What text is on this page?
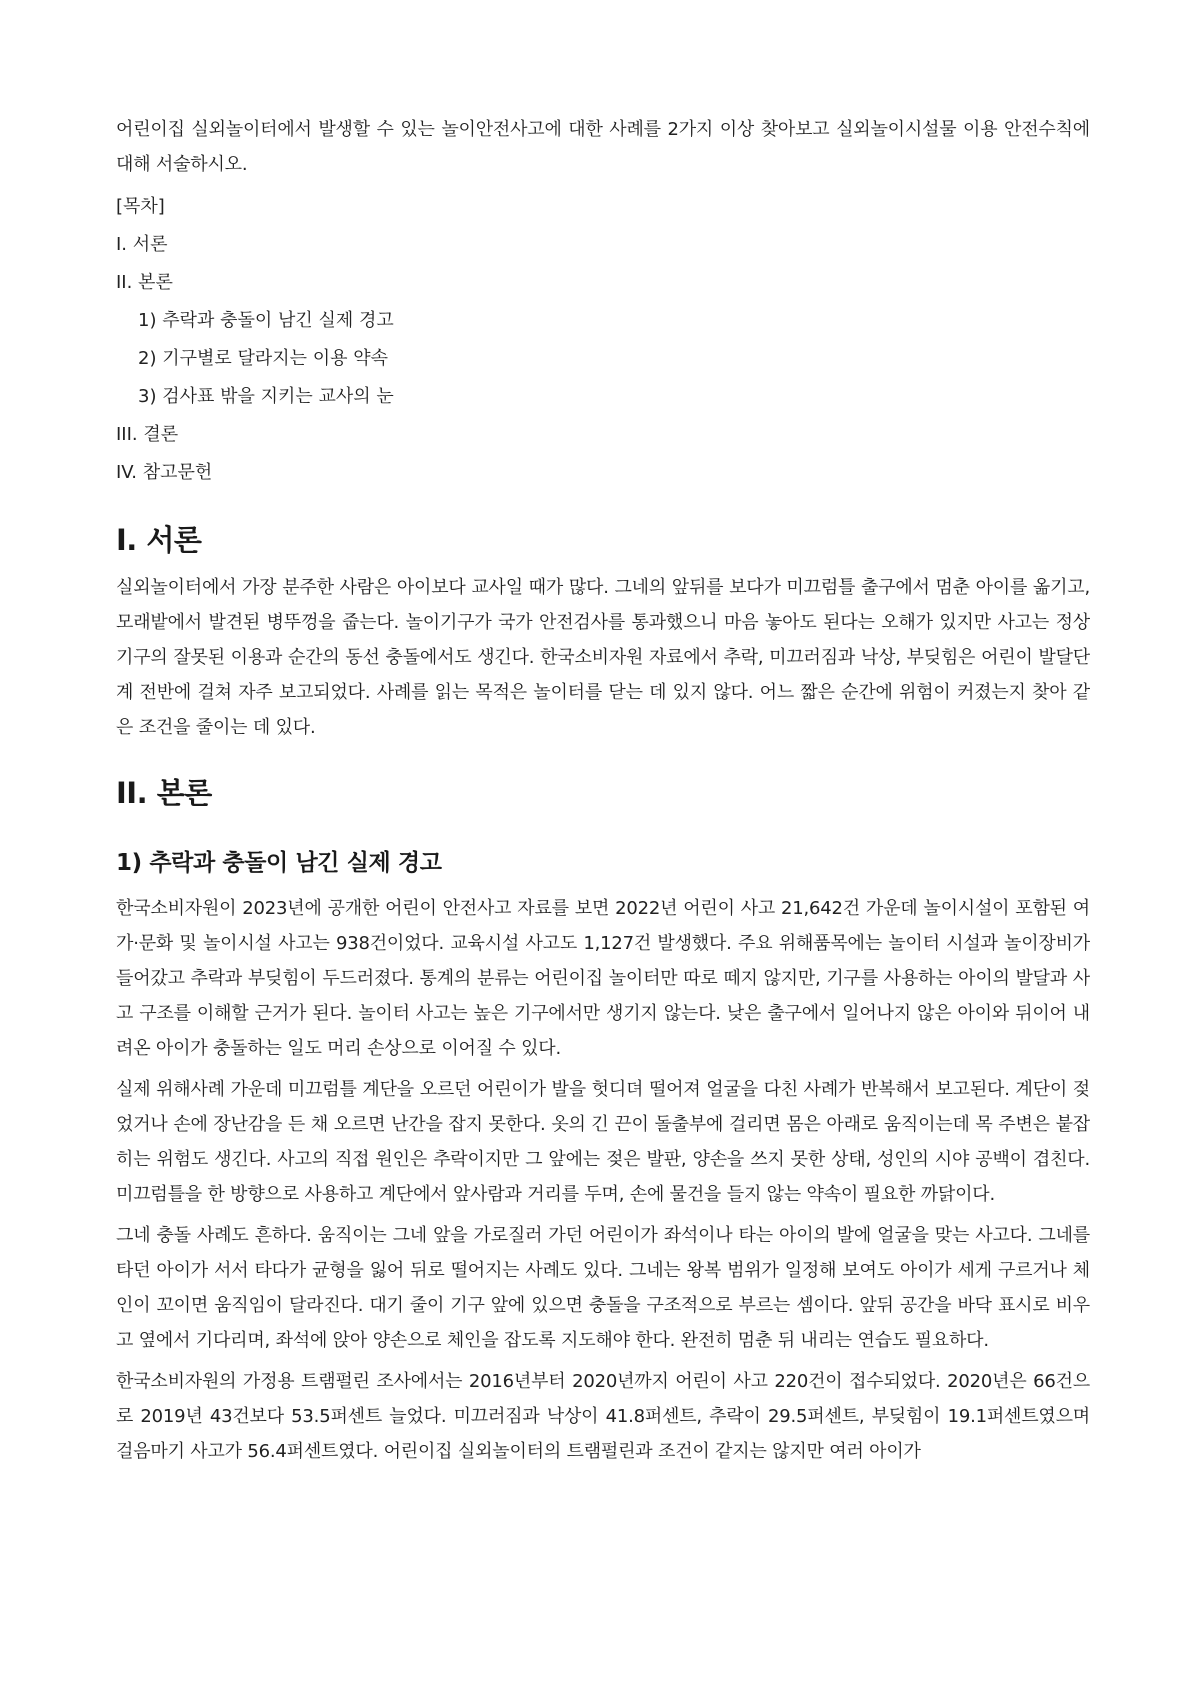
어린이집 실외놀이터에서 발생할 수 있는 놀이안전사고에 대한 사례를 2가지 이상 찾아보고 실외놀이시설물 이용 안전수칙에 대해 서술하시오.

[목차]
I. 서론
II. 본론
1) 추락과 충돌이 남긴 실제 경고
2) 기구별로 달라지는 이용 약속
3) 검사표 밖을 지키는 교사의 눈
III. 결론
IV. 참고문헌
I. 서론

실외놀이터에서 가장 분주한 사람은 아이보다 교사일 때가 많다. 그네의 앞뒤를 보다가 미끄럼틀 출구에서 멈춘 아이를 옮기고, 모래밭에서 발견된 병뚜껑을 줍는다. 놀이기구가 국가 안전검사를 통과했으니 마음 놓아도 된다는 오해가 있지만 사고는 정상 기구의 잘못된 이용과 순간의 동선 충돌에서도 생긴다. 한국소비자원 자료에서 추락, 미끄러짐과 낙상, 부딪힘은 어린이 발달단계 전반에 걸쳐 자주 보고되었다. 사례를 읽는 목적은 놀이터를 닫는 데 있지 않다. 어느 짧은 순간에 위험이 커졌는지 찾아 같은 조건을 줄이는 데 있다.

II. 본론
1) 추락과 충돌이 남긴 실제 경고

한국소비자원이 2023년에 공개한 어린이 안전사고 자료를 보면 2022년 어린이 사고 21,642건 가운데 놀이시설이 포함된 여가·문화 및 놀이시설 사고는 938건이었다. 교육시설 사고도 1,127건 발생했다. 주요 위해품목에는 놀이터 시설과 놀이장비가 들어갔고 추락과 부딪힘이 두드러졌다. 통계의 분류는 어린이집 놀이터만 따로 떼지 않지만, 기구를 사용하는 아이의 발달과 사고 구조를 이해할 근거가 된다. 놀이터 사고는 높은 기구에서만 생기지 않는다. 낮은 출구에서 일어나지 않은 아이와 뒤이어 내려온 아이가 충돌하는 일도 머리 손상으로 이어질 수 있다.

실제 위해사례 가운데 미끄럼틀 계단을 오르던 어린이가 발을 헛디뎌 떨어져 얼굴을 다친 사례가 반복해서 보고된다. 계단이 젖었거나 손에 장난감을 든 채 오르면 난간을 잡지 못한다. 옷의 긴 끈이 돌출부에 걸리면 몸은 아래로 움직이는데 목 주변은 붙잡히는 위험도 생긴다. 사고의 직접 원인은 추락이지만 그 앞에는 젖은 발판, 양손을 쓰지 못한 상태, 성인의 시야 공백이 겹친다. 미끄럼틀을 한 방향으로 사용하고 계단에서 앞사람과 거리를 두며, 손에 물건을 들지 않는 약속이 필요한 까닭이다.

그네 충돌 사례도 흔하다. 움직이는 그네 앞을 가로질러 가던 어린이가 좌석이나 타는 아이의 발에 얼굴을 맞는 사고다. 그네를 타던 아이가 서서 타다가 균형을 잃어 뒤로 떨어지는 사례도 있다. 그네는 왕복 범위가 일정해 보여도 아이가 세게 구르거나 체인이 꼬이면 움직임이 달라진다. 대기 줄이 기구 앞에 있으면 충돌을 구조적으로 부르는 셈이다. 앞뒤 공간을 바닥 표시로 비우고 옆에서 기다리며, 좌석에 앉아 양손으로 체인을 잡도록 지도해야 한다. 완전히 멈춘 뒤 내리는 연습도 필요하다.

한국소비자원의 가정용 트램펄린 조사에서는 2016년부터 2020년까지 어린이 사고 220건이 접수되었다. 2020년은 66건으로 2019년 43건보다 53.5퍼센트 늘었다. 미끄러짐과 낙상이 41.8퍼센트, 추락이 29.5퍼센트, 부딪힘이 19.1퍼센트였으며 걸음마기 사고가 56.4퍼센트였다. 어린이집 실외놀이터의 트램펄린과 조건이 같지는 않지만 여러 아이가
